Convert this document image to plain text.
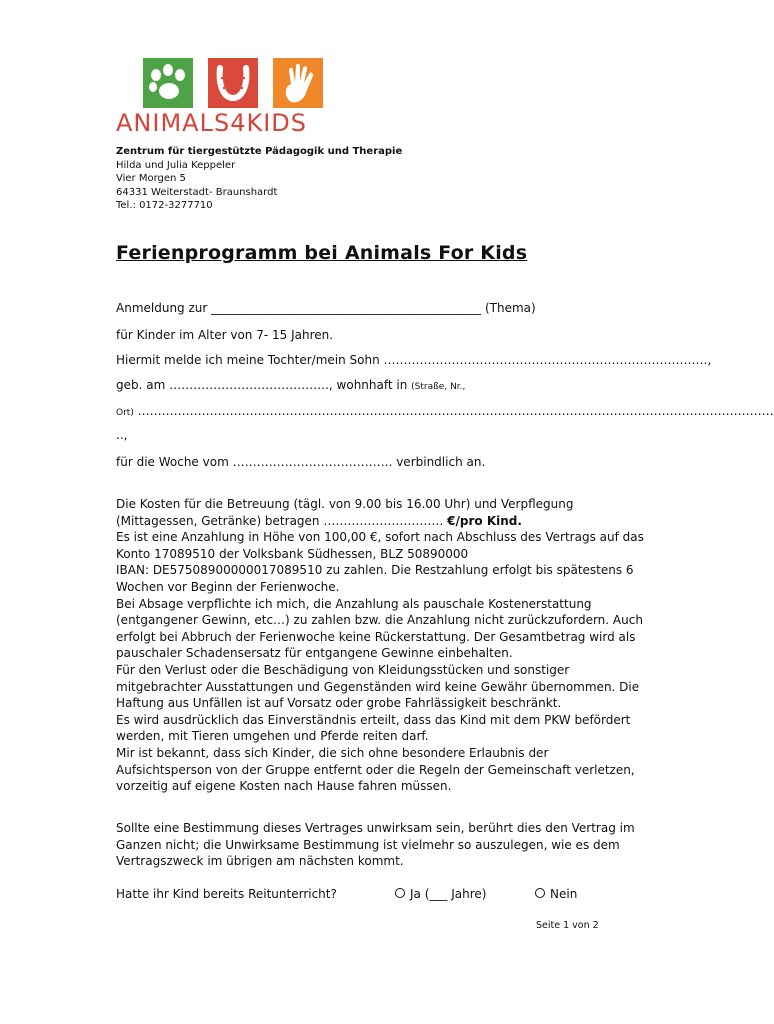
ANIMALS4KIDS
Zentrum für tiergestützte Pädagogik und Therapie
Hilda und Julia Keppeler
Vier Morgen 5
64331 Weiterstadt- Braunshardt
Tel.: 0172-3277710
Ferienprogramm bei Animals For Kids
Anmeldung zur _____________________________________________ (Thema)
für Kinder im Alter von 7- 15 Jahren.
Hiermit melde ich meine Tochter/mein Sohn ………………………………………………………………………,
geb. am …………………………………., wohnhaft in (Straße, Nr.,
Ort) ……………………………………………………………………………………………………………………………………………
..,
für die Woche vom …………………………………. verbindlich an.
Die Kosten für die Betreuung (tägl. von 9.00 bis 16.00 Uhr) und Verpflegung
(Mittagessen, Getränke) betragen ………………………… €/pro Kind.
Es ist eine Anzahlung in Höhe von 100,00 €, sofort nach Abschluss des Vertrags auf das
Konto 17089510 der Volksbank Südhessen, BLZ 50890000
IBAN: DE57508900000017089510 zu zahlen. Die Restzahlung erfolgt bis spätestens 6
Wochen vor Beginn der Ferienwoche.
Bei Absage verpflichte ich mich, die Anzahlung als pauschale Kostenerstattung
(entgangener Gewinn, etc…) zu zahlen bzw. die Anzahlung nicht zurückzufordern. Auch
erfolgt bei Abbruch der Ferienwoche keine Rückerstattung. Der Gesamtbetrag wird als
pauschaler Schadensersatz für entgangene Gewinne einbehalten.
Für den Verlust oder die Beschädigung von Kleidungsstücken und sonstiger
mitgebrachter Ausstattungen und Gegenständen wird keine Gewähr übernommen. Die
Haftung aus Unfällen ist auf Vorsatz oder grobe Fahrlässigkeit beschränkt.
Es wird ausdrücklich das Einverständnis erteilt, dass das Kind mit dem PKW befördert
werden, mit Tieren umgehen und Pferde reiten darf.
Mir ist bekannt, dass sich Kinder, die sich ohne besondere Erlaubnis der
Aufsichtsperson von der Gruppe entfernt oder die Regeln der Gemeinschaft verletzen,
vorzeitig auf eigene Kosten nach Hause fahren müssen.
Sollte eine Bestimmung dieses Vertrages unwirksam sein, berührt dies den Vertrag im
Ganzen nicht; die Unwirksame Bestimmung ist vielmehr so auszulegen, wie es dem
Vertragszweck im übrigen am nächsten kommt.
Hatte ihr Kind bereits Reitunterricht?	Ja (___ Jahre)	Nein
Seite 1 von 2
